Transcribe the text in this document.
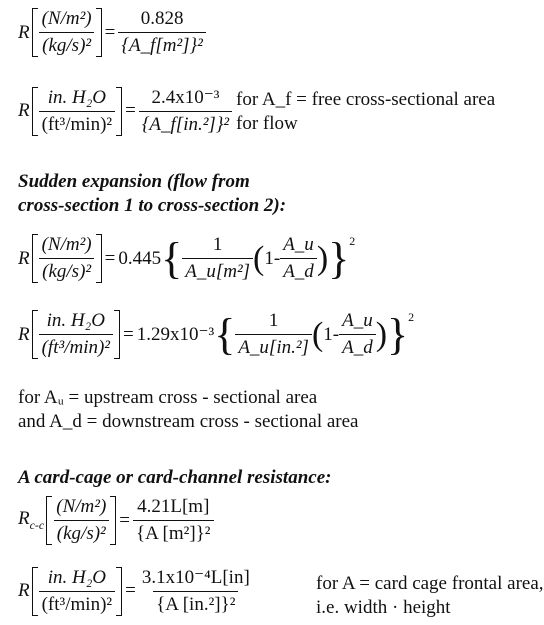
R $\frac{\text{(N/m²)}}{\text{(kg/s)²}} = \frac{0.828}{\text{\{A\_f[m²]\}²}}$
R $\frac{\text{in. H₂O}}{\text{(ft³/min)²}} = \frac{\text{2.4x10⁻³}}{\text{\{A\_f[in.²]\}²}}$ for A_f = free cross-sectional area
for flow
Sudden expansion (flow from
cross-section 1 to cross-section 2):
R $\frac{\text{(N/m²)}}{\text{(kg/s)²}} = 0.445$ { $\frac{1}{\text{A\_u[m²]}}$ ( $1- \frac{A\_u}{A\_d}$ ) }$^2$
R $\frac{\text{in. H₂O}}{\text{(ft³/min)²}} = 1.29x10^{-3}$ { $\frac{1}{\text{A\_u[in.²]}}$ ( $1- \frac{A\_u}{A\_d}$ ) }$^2$
for Aᵤ = upstream cross - sectional area
and A_d = downstream cross - sectional area
A card-cage or card-channel resistance:
$R_{c-c} \frac{\text{(N/m²)}}{\text{(kg/s)²}} = \frac{4.21L[m]}{\text{\{A [m²]\}²}}$
R $\frac{\text{in. H₂O}}{\text{(ft³/min)²}} = \frac{\text{3.1x10⁻⁴L[in]}}{\text{\{A [in.²]\}²}}$	for A = card cage frontal area,
i.e. width · height
